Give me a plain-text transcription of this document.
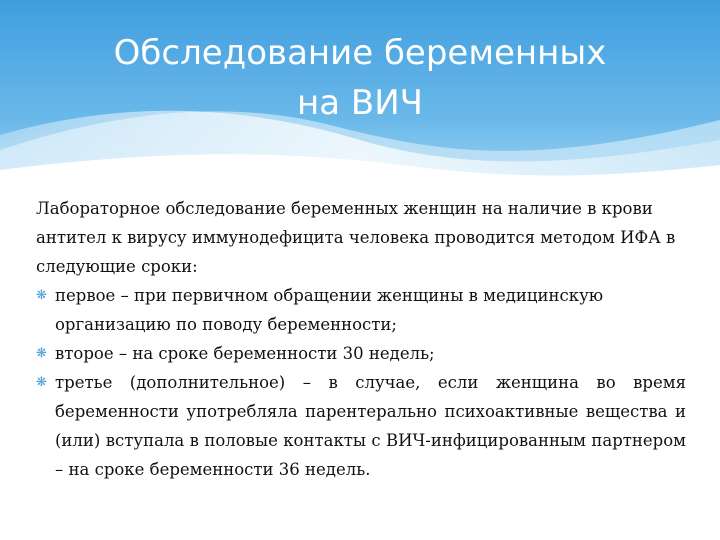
Обследование беременных
на ВИЧ

Лабораторное обследование беременных женщин на наличие в крови антител к вирусу иммунодефицита человека проводится методом ИФА в следующие сроки:

❋ первое – при первичном обращении женщины в медицинскую организацию по поводу беременности;
❋ второе – на сроке беременности 30 недель;
❋ третье (дополнительное) – в случае, если женщина во время беременности употребляла парентерально психоактивные вещества и (или) вступала в половые контакты с ВИЧ-инфицированным партнером – на сроке беременности 36 недель.
